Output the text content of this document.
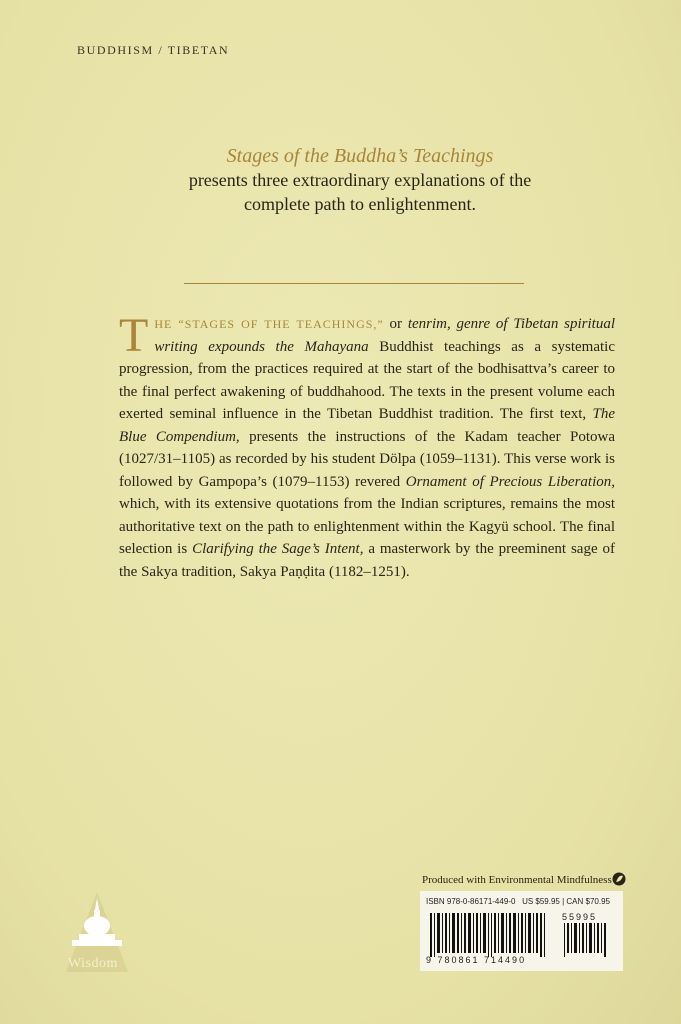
BUDDHISM / TIBETAN
Stages of the Buddha’s Teachings
presents three extraordinary explanations of the complete path to enlightenment.
THE “STAGES OF THE TEACHINGS,” or tenrim, genre of Tibetan spiritual writing expounds the Mahayana Buddhist teachings as a systematic progression, from the practices required at the start of the bodhisattva’s career to the final perfect awakening of buddhahood. The texts in the present volume each exerted seminal influence in the Tibetan Buddhist tradition. The first text, The Blue Compendium, presents the instructions of the Kadam teacher Potowa (1027/31–1105) as recorded by his student Dölpa (1059–1131). This verse work is followed by Gampopa’s (1079–1153) revered Ornament of Precious Liberation, which, with its extensive quotations from the Indian scriptures, remains the most authoritative text on the path to enlightenment within the Kagyü school. The final selection is Clarifying the Sage’s Intent, a masterwork by the preeminent sage of the Sakya tradition, Sakya Paṇḍita (1182–1251).
Wisdom
Produced with Environmental Mindfulness
ISBN 978-0-86171-449-0 US $59.95 | CAN $70.95
55995
9 780861 714490
